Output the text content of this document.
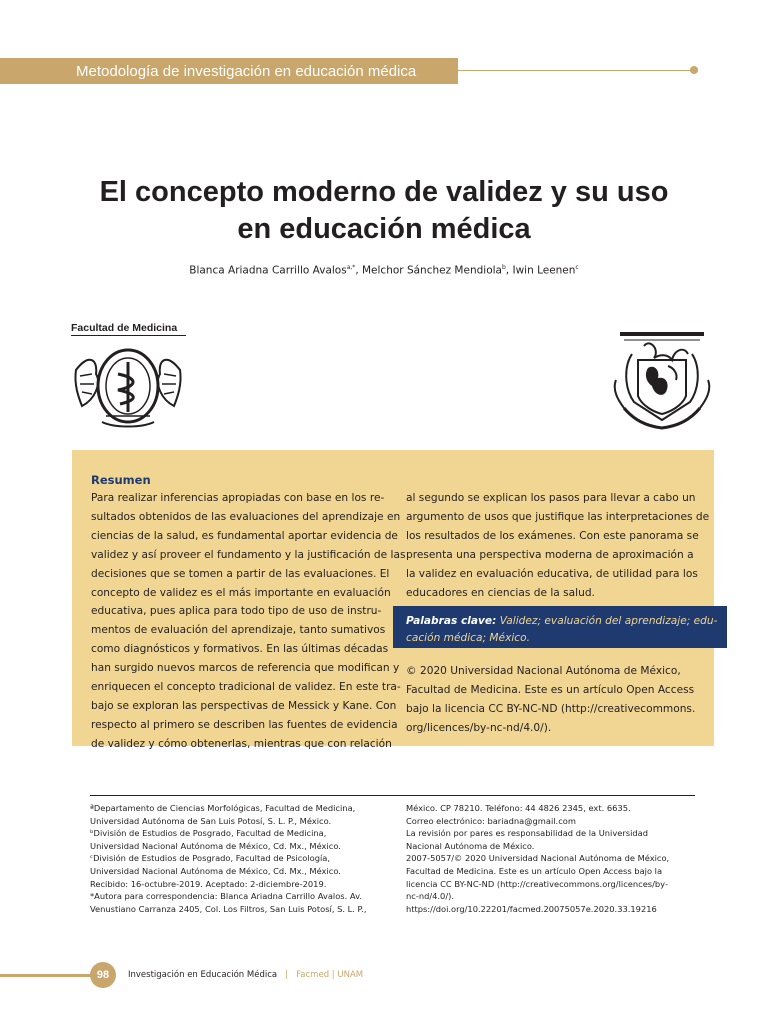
Metodología de investigación en educación médica
El concepto moderno de validez y su uso
en educación médica
Blanca Ariadna Carrillo Avalos$^{a,*}$, Melchor Sánchez Mendiola$^b$, Iwin Leenen$^c$
Facultad de Medicina
Resumen
Para realizar inferencias apropiadas con base en los re-
sultados obtenidos de las evaluaciones del aprendizaje en
ciencias de la salud, es fundamental aportar evidencia de
validez y así proveer el fundamento y la justificación de las
decisiones que se tomen a partir de las evaluaciones. El
concepto de validez es el más importante en evaluación
educativa, pues aplica para todo tipo de uso de instru-
mentos de evaluación del aprendizaje, tanto sumativos
como diagnósticos y formativos. En las últimas décadas
han surgido nuevos marcos de referencia que modifican y
enriquecen el concepto tradicional de validez. En este tra-
bajo se exploran las perspectivas de Messick y Kane. Con
respecto al primero se describen las fuentes de evidencia
de validez y cómo obtenerlas, mientras que con relación
al segundo se explican los pasos para llevar a cabo un
argumento de usos que justifique las interpretaciones de
los resultados de los exámenes. Con este panorama se
presenta una perspectiva moderna de aproximación a
la validez en evaluación educativa, de utilidad para los
educadores en ciencias de la salud.
Palabras clave: Validez; evaluación del aprendizaje; edu-
cación médica; México.
© 2020 Universidad Nacional Autónoma de México,
Facultad de Medicina. Este es un artículo Open Access
bajo la licencia CC BY-NC-ND (http://creativecommons.
org/licences/by-nc-nd/4.0/).
ªDepartamento de Ciencias Morfológicas, Facultad de Medicina,
Universidad Autónoma de San Luis Potosí, S. L. P., México.
ᵇDivisión de Estudios de Posgrado, Facultad de Medicina,
Universidad Nacional Autónoma de México, Cd. Mx., México.
ᶜDivisión de Estudios de Posgrado, Facultad de Psicología,
Universidad Nacional Autónoma de México, Cd. Mx., México.
Recibido: 16-octubre-2019. Aceptado: 2-diciembre-2019.
*Autora para correspondencia: Blanca Ariadna Carrillo Avalos. Av.
Venustiano Carranza 2405, Col. Los Filtros, San Luis Potosí, S. L. P.,
México. CP 78210. Teléfono: 44 4826 2345, ext. 6635.
Correo electrónico: bariadna@gmail.com
La revisión por pares es responsabilidad de la Universidad
Nacional Autónoma de México.
2007-5057/© 2020 Universidad Nacional Autónoma de México,
Facultad de Medicina. Este es un artículo Open Access bajo la
licencia CC BY-NC-ND (http://creativecommons.org/licences/by-
nc-nd/4.0/).
https://doi.org/10.22201/facmed.20075057e.2020.33.19216
98	Investigación en Educación Médica | Facmed | UNAM
